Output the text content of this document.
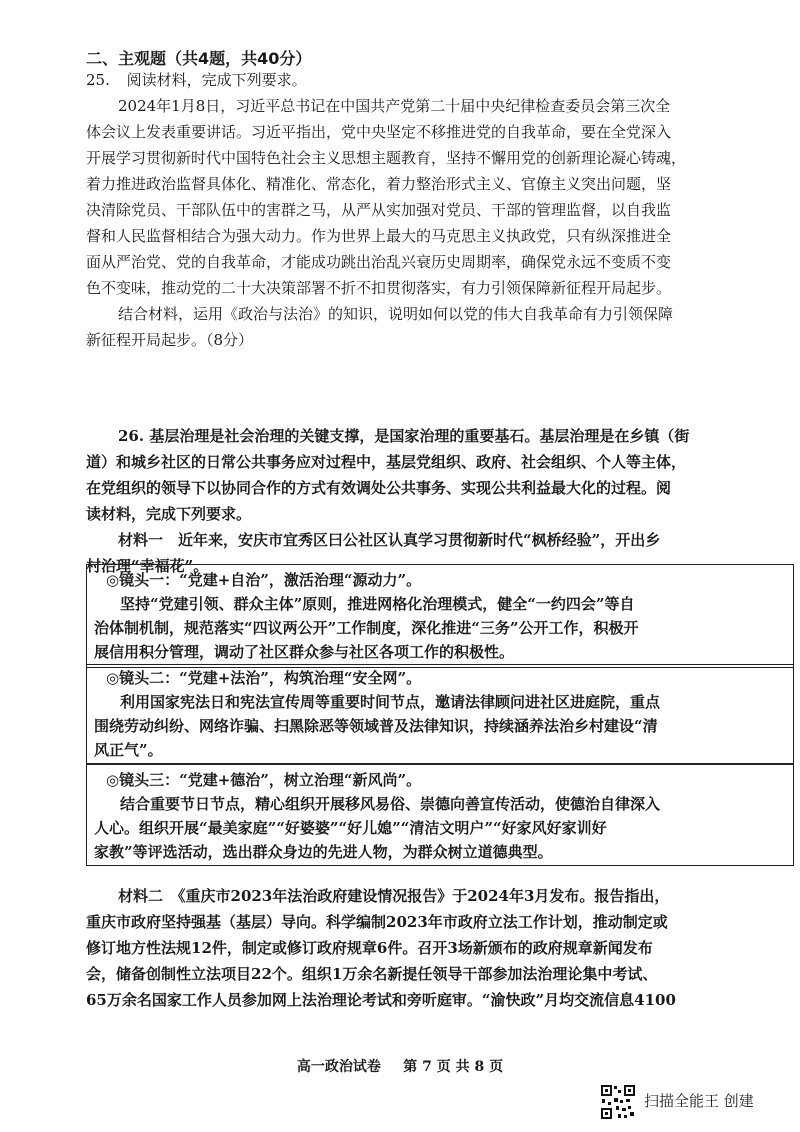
二、主观题（共4题，共40分）
25. 阅读材料，完成下列要求。
2024年1月8日，习近平总书记在中国共产党第二十届中央纪律检查委员会第三次全
体会议上发表重要讲话。习近平指出，党中央坚定不移推进党的自我革命，要在全党深入
开展学习贯彻新时代中国特色社会主义思想主题教育，坚持不懈用党的创新理论凝心铸魂，
着力推进政治监督具体化、精准化、常态化，着力整治形式主义、官僚主义突出问题，坚
决清除党员、干部队伍中的害群之马，从严从实加强对党员、干部的管理监督，以自我监
督和人民监督相结合为强大动力。作为世界上最大的马克思主义执政党，只有纵深推进全
面从严治党、党的自我革命，才能成功跳出治乱兴衰历史周期率，确保党永远不变质不变
色不变味，推动党的二十大决策部署不折不扣贯彻落实，有力引领保障新征程开局起步。
结合材料，运用《政治与法治》的知识，说明如何以党的伟大自我革命有力引领保障
新征程开局起步。（8分）
26. 基层治理是社会治理的关键支撑，是国家治理的重要基石。基层治理是在乡镇（街
道）和城乡社区的日常公共事务应对过程中，基层党组织、政府、社会组织、个人等主体，
在党组织的领导下以协同合作的方式有效调处公共事务、实现公共利益最大化的过程。阅
读材料，完成下列要求。
材料一　近年来，安庆市宜秀区曰公社区认真学习贯彻新时代“枫桥经验”，开出乡
村治理“幸福花”。
◎镜头一：“党建+自治”，激活治理“源动力”。
坚持“党建引领、群众主体”原则，推进网格化治理模式，健全“一约四会”等自
治体制机制，规范落实“四议两公开”工作制度，深化推进“三务”公开工作，积极开
展信用积分管理，调动了社区群众参与社区各项工作的积极性。
◎镜头二：“党建+法治”，构筑治理“安全网”。
利用国家宪法日和宪法宣传周等重要时间节点，邀请法律顾问进社区进庭院，重点
围绕劳动纠纷、网络诈骗、扫黑除恶等领域普及法律知识，持续涵养法治乡村建设“清
风正气”。
◎镜头三：“党建+德治”，树立治理“新风尚”。
结合重要节日节点，精心组织开展移风易俗、崇德向善宣传活动，使德治自律深入
人心。组织开展“最美家庭”“好婆婆”“好儿媳”“清洁文明户”“好家风好家训好
家教”等评选活动，选出群众身边的先进人物，为群众树立道德典型。
材料二　《重庆市2023年法治政府建设情况报告》于2024年3月发布。报告指出，
重庆市政府坚持强基（基层）导向。科学编制2023年市政府立法工作计划，推动制定或
修订地方性法规12件，制定或修订政府规章6件。召开3场新颁布的政府规章新闻发布
会，储备创制性立法项目22个。组织1万余名新提任领导干部参加法治理论集中考试、
65万余名国家工作人员参加网上法治理论考试和旁听庭审。“渝快政”月均交流信息4100
高一政治试卷 第 7 页 共 8 页
扫描全能王 创建
